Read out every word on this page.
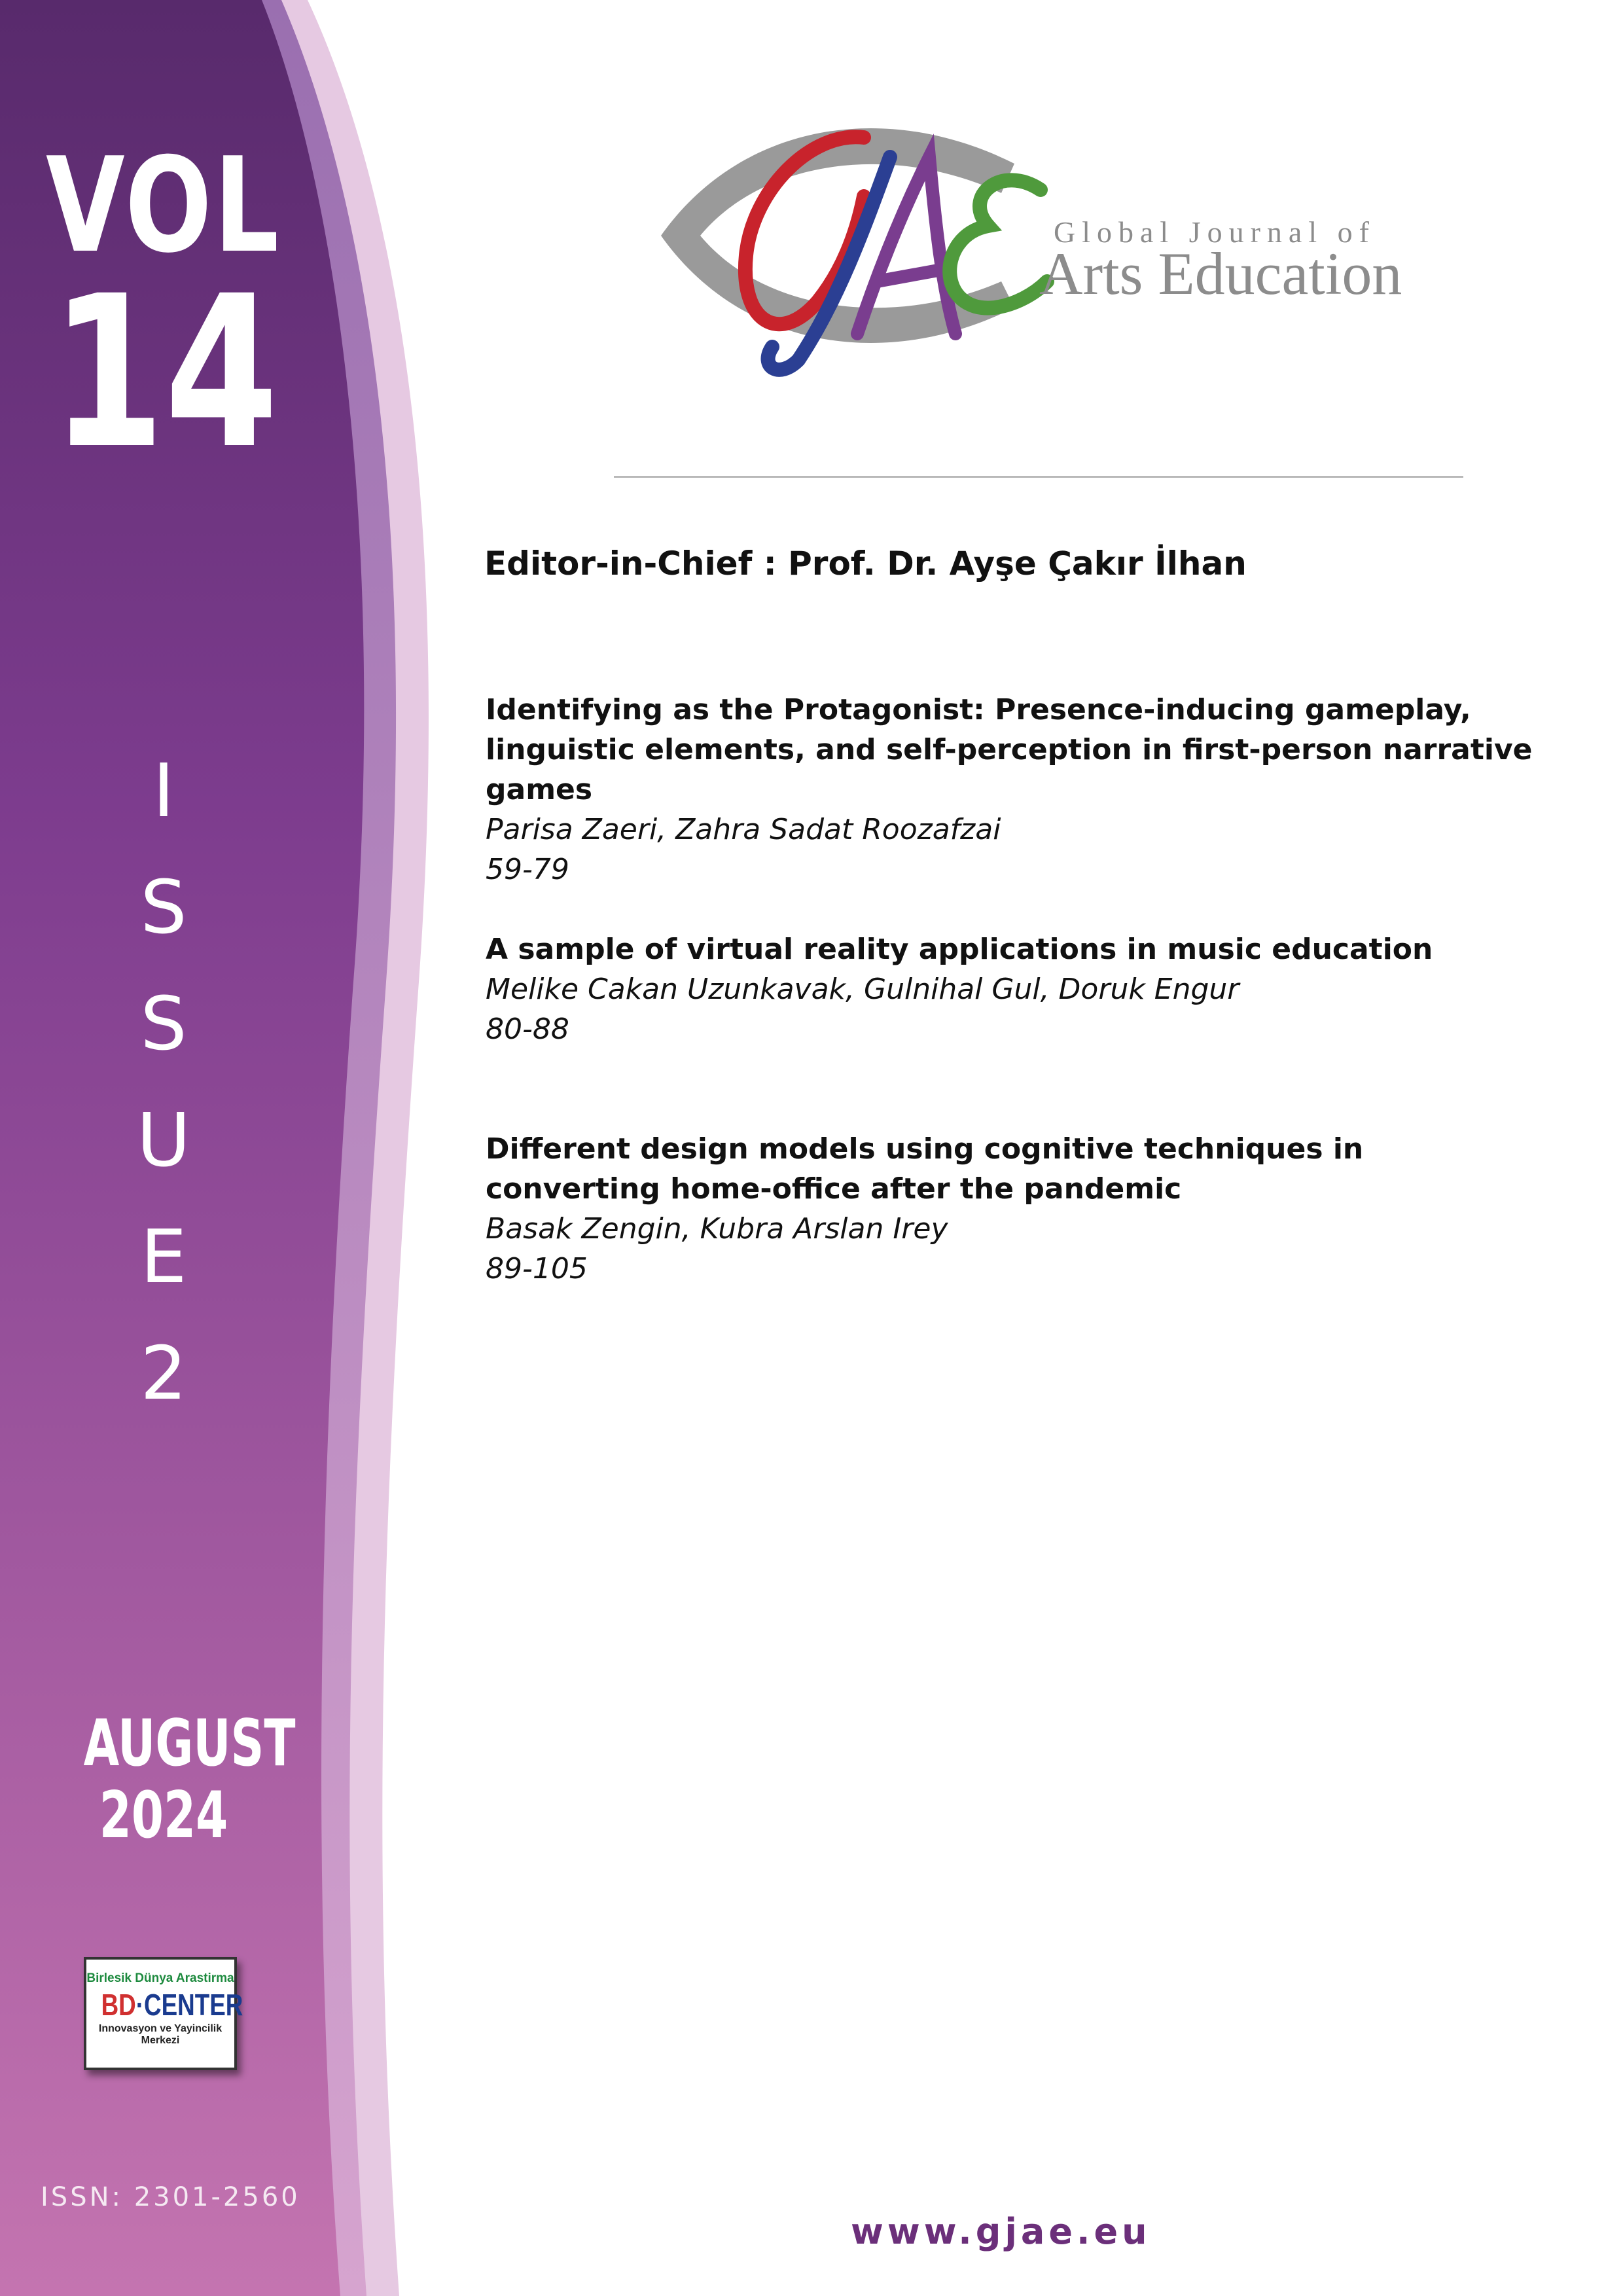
VOL
14
I
S
S
U
E
2
AUGUST
2024
Birlesik Dünya Arastirma
BD·CENTER
Innovasyon ve Yayincilik Merkezi
ISSN: 2301-2560
GJAE
Global Journal of
Arts Education
Editor-in-Chief : Prof. Dr. Ayşe Çakır İlhan
Identifying as the Protagonist: Presence-inducing gameplay, linguistic elements, and self-perception in first-person narrative games
Parisa Zaeri, Zahra Sadat Roozafzai
59-79
A sample of virtual reality applications in music education
Melike Cakan Uzunkavak, Gulnihal Gul, Doruk Engur
80-88
Different design models using cognitive techniques in converting home-office after the pandemic
Basak Zengin, Kubra Arslan Irey
89-105
www.gjae.eu
